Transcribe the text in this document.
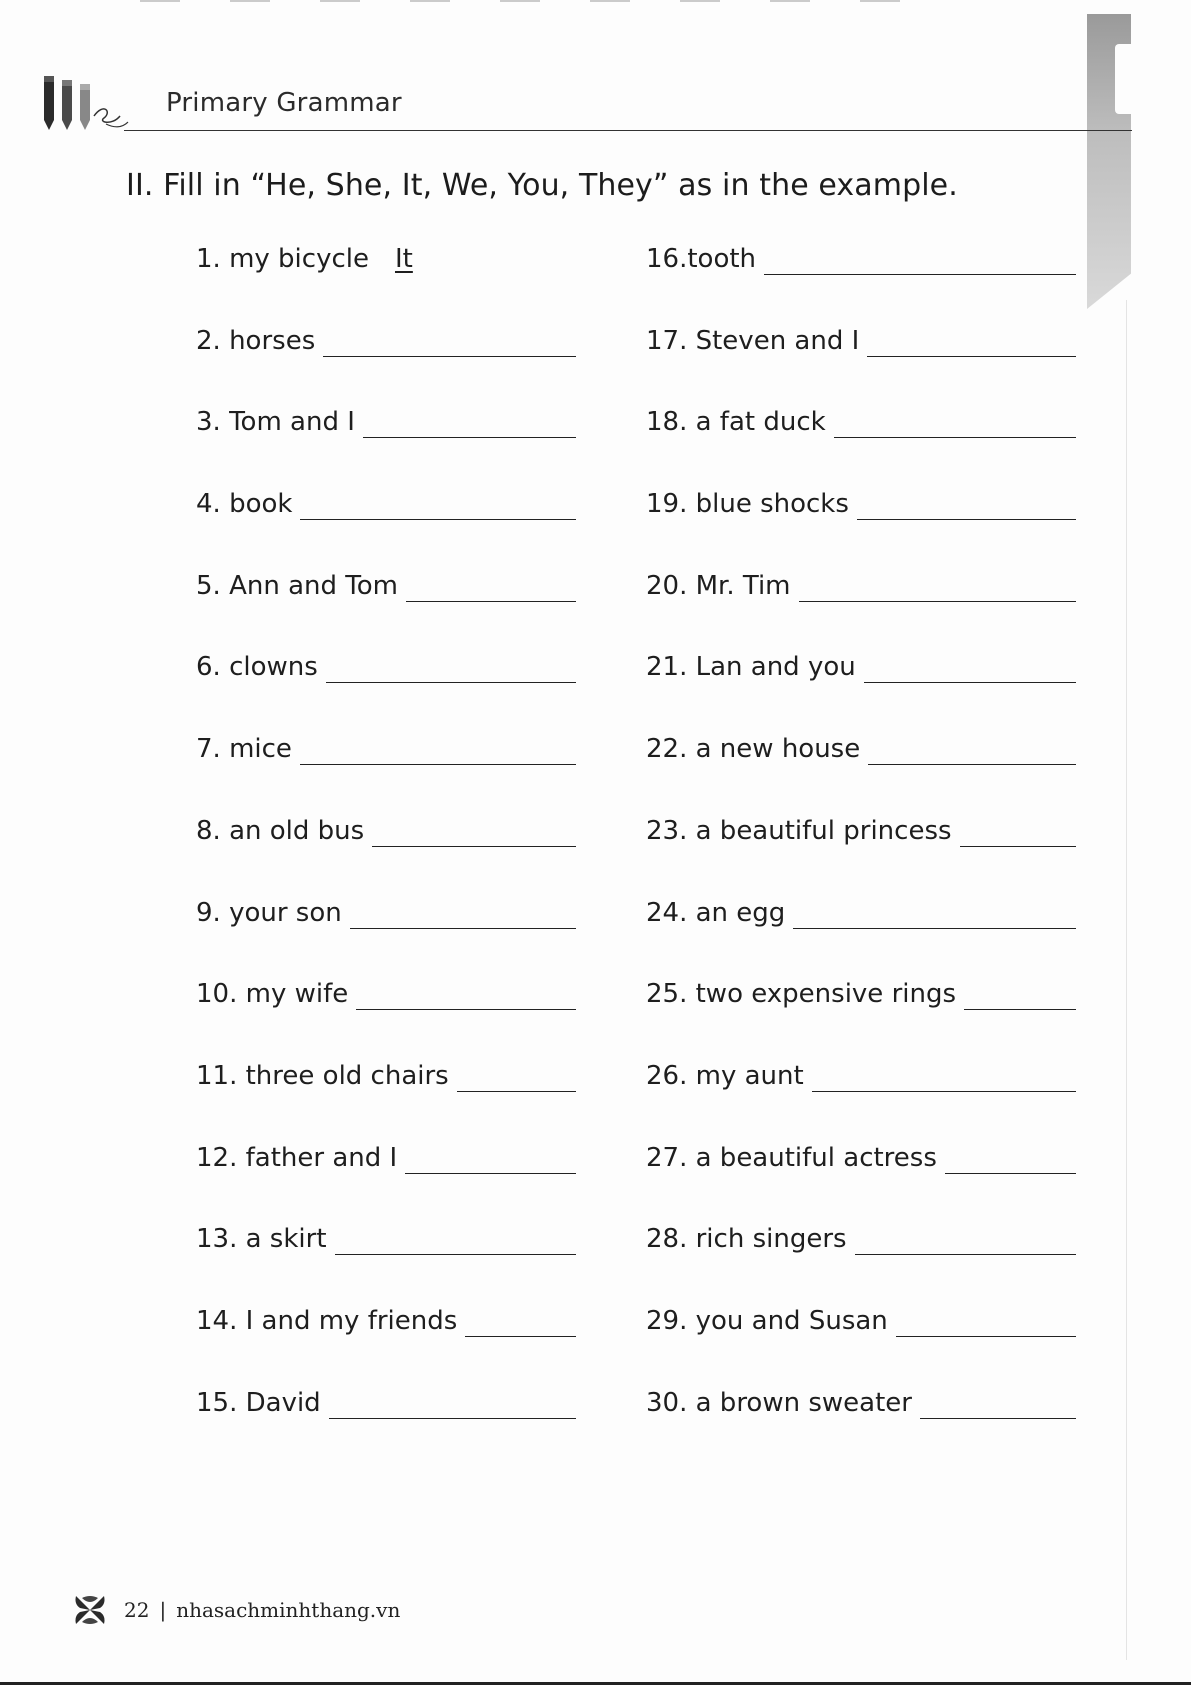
Primary Grammar
II. Fill in “He, She, It, We, You, They” as in the example.
1. my bicycle It
2. horses
3. Tom and I
4. book
5. Ann and Tom
6. clowns
7. mice
8. an old bus
9. your son
10. my wife
11. three old chairs
12. father and I
13. a skirt
14. I and my friends
15. David
16.tooth
17. Steven and I
18. a fat duck
19. blue shocks
20. Mr. Tim
21. Lan and you
22. a new house
23. a beautiful princess
24. an egg
25. two expensive rings
26. my aunt
27. a beautiful actress
28. rich singers
29. you and Susan
30. a brown sweater
22 | nhasachminhthang.vn
